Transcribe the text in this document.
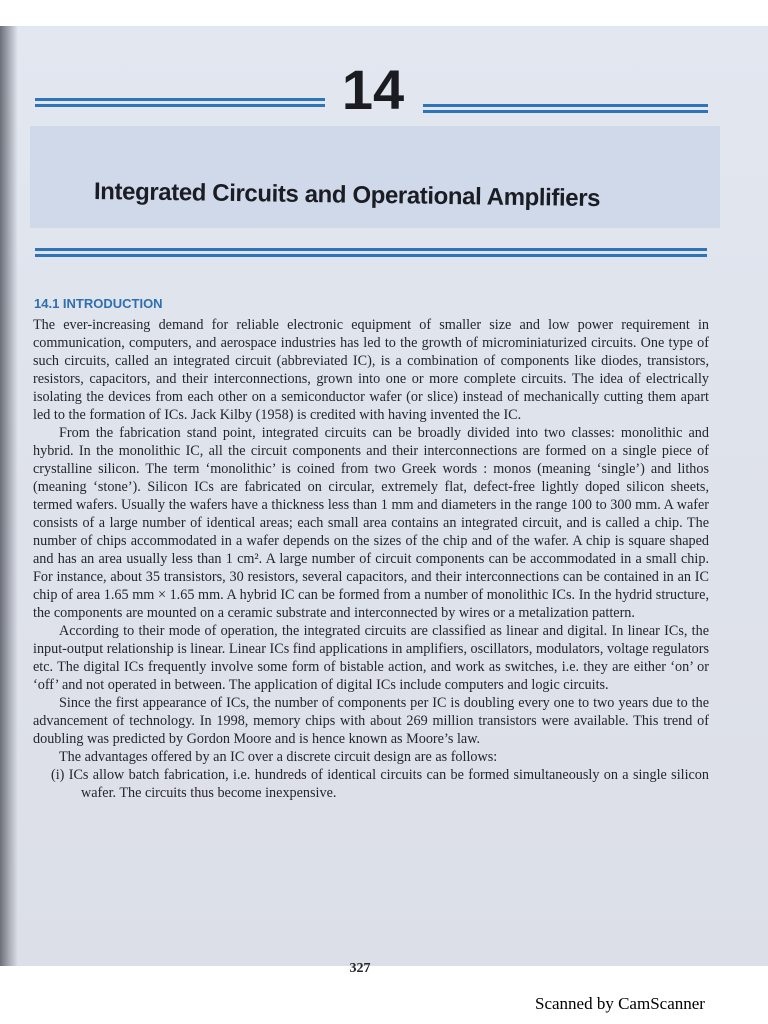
14
Integrated Circuits and Operational Amplifiers
14.1 INTRODUCTION

The ever-increasing demand for reliable electronic equipment of smaller size and low power requirement in communication, computers, and aerospace industries has led to the growth of microminiaturized circuits. One type of such circuits, called an integrated circuit (abbreviated IC), is a combination of components like diodes, transistors, resistors, capacitors, and their interconnections, grown into one or more complete circuits. The idea of electrically isolating the devices from each other on a semiconductor wafer (or slice) instead of mechanically cutting them apart led to the formation of ICs. Jack Kilby (1958) is credited with having invented the IC.

From the fabrication stand point, integrated circuits can be broadly divided into two classes: monolithic and hybrid. In the monolithic IC, all the circuit components and their interconnections are formed on a single piece of crystalline silicon. The term ‘monolithic’ is coined from two Greek words : monos (meaning ‘single’) and lithos (meaning ‘stone’). Silicon ICs are fabricated on circular, extremely flat, defect-free lightly doped silicon sheets, termed wafers. Usually the wafers have a thickness less than 1 mm and diameters in the range 100 to 300 mm. A wafer consists of a large number of identical areas; each small area contains an integrated circuit, and is called a chip. The number of chips accommodated in a wafer depends on the sizes of the chip and of the wafer. A chip is square shaped and has an area usually less than 1 cm². A large number of circuit components can be accommodated in a small chip. For instance, about 35 transistors, 30 resistors, several capacitors, and their interconnections can be contained in an IC chip of area 1.65 mm × 1.65 mm. A hybrid IC can be formed from a number of monolithic ICs. In the hydrid structure, the components are mounted on a ceramic substrate and interconnected by wires or a metalization pattern.

According to their mode of operation, the integrated circuits are classified as linear and digital. In linear ICs, the input-output relationship is linear. Linear ICs find applications in amplifiers, oscillators, modulators, voltage regulators etc. The digital ICs frequently involve some form of bistable action, and work as switches, i.e. they are either ‘on’ or ‘off’ and not operated in between. The application of digital ICs include computers and logic circuits.

Since the first appearance of ICs, the number of components per IC is doubling every one to two years due to the advancement of technology. In 1998, memory chips with about 269 million transistors were available. This trend of doubling was predicted by Gordon Moore and is hence known as Moore’s law.

The advantages offered by an IC over a discrete circuit design are as follows:

(i) ICs allow batch fabrication, i.e. hundreds of identical circuits can be formed simultaneously on a single silicon wafer. The circuits thus become inexpensive.

327
Scanned by CamScanner
